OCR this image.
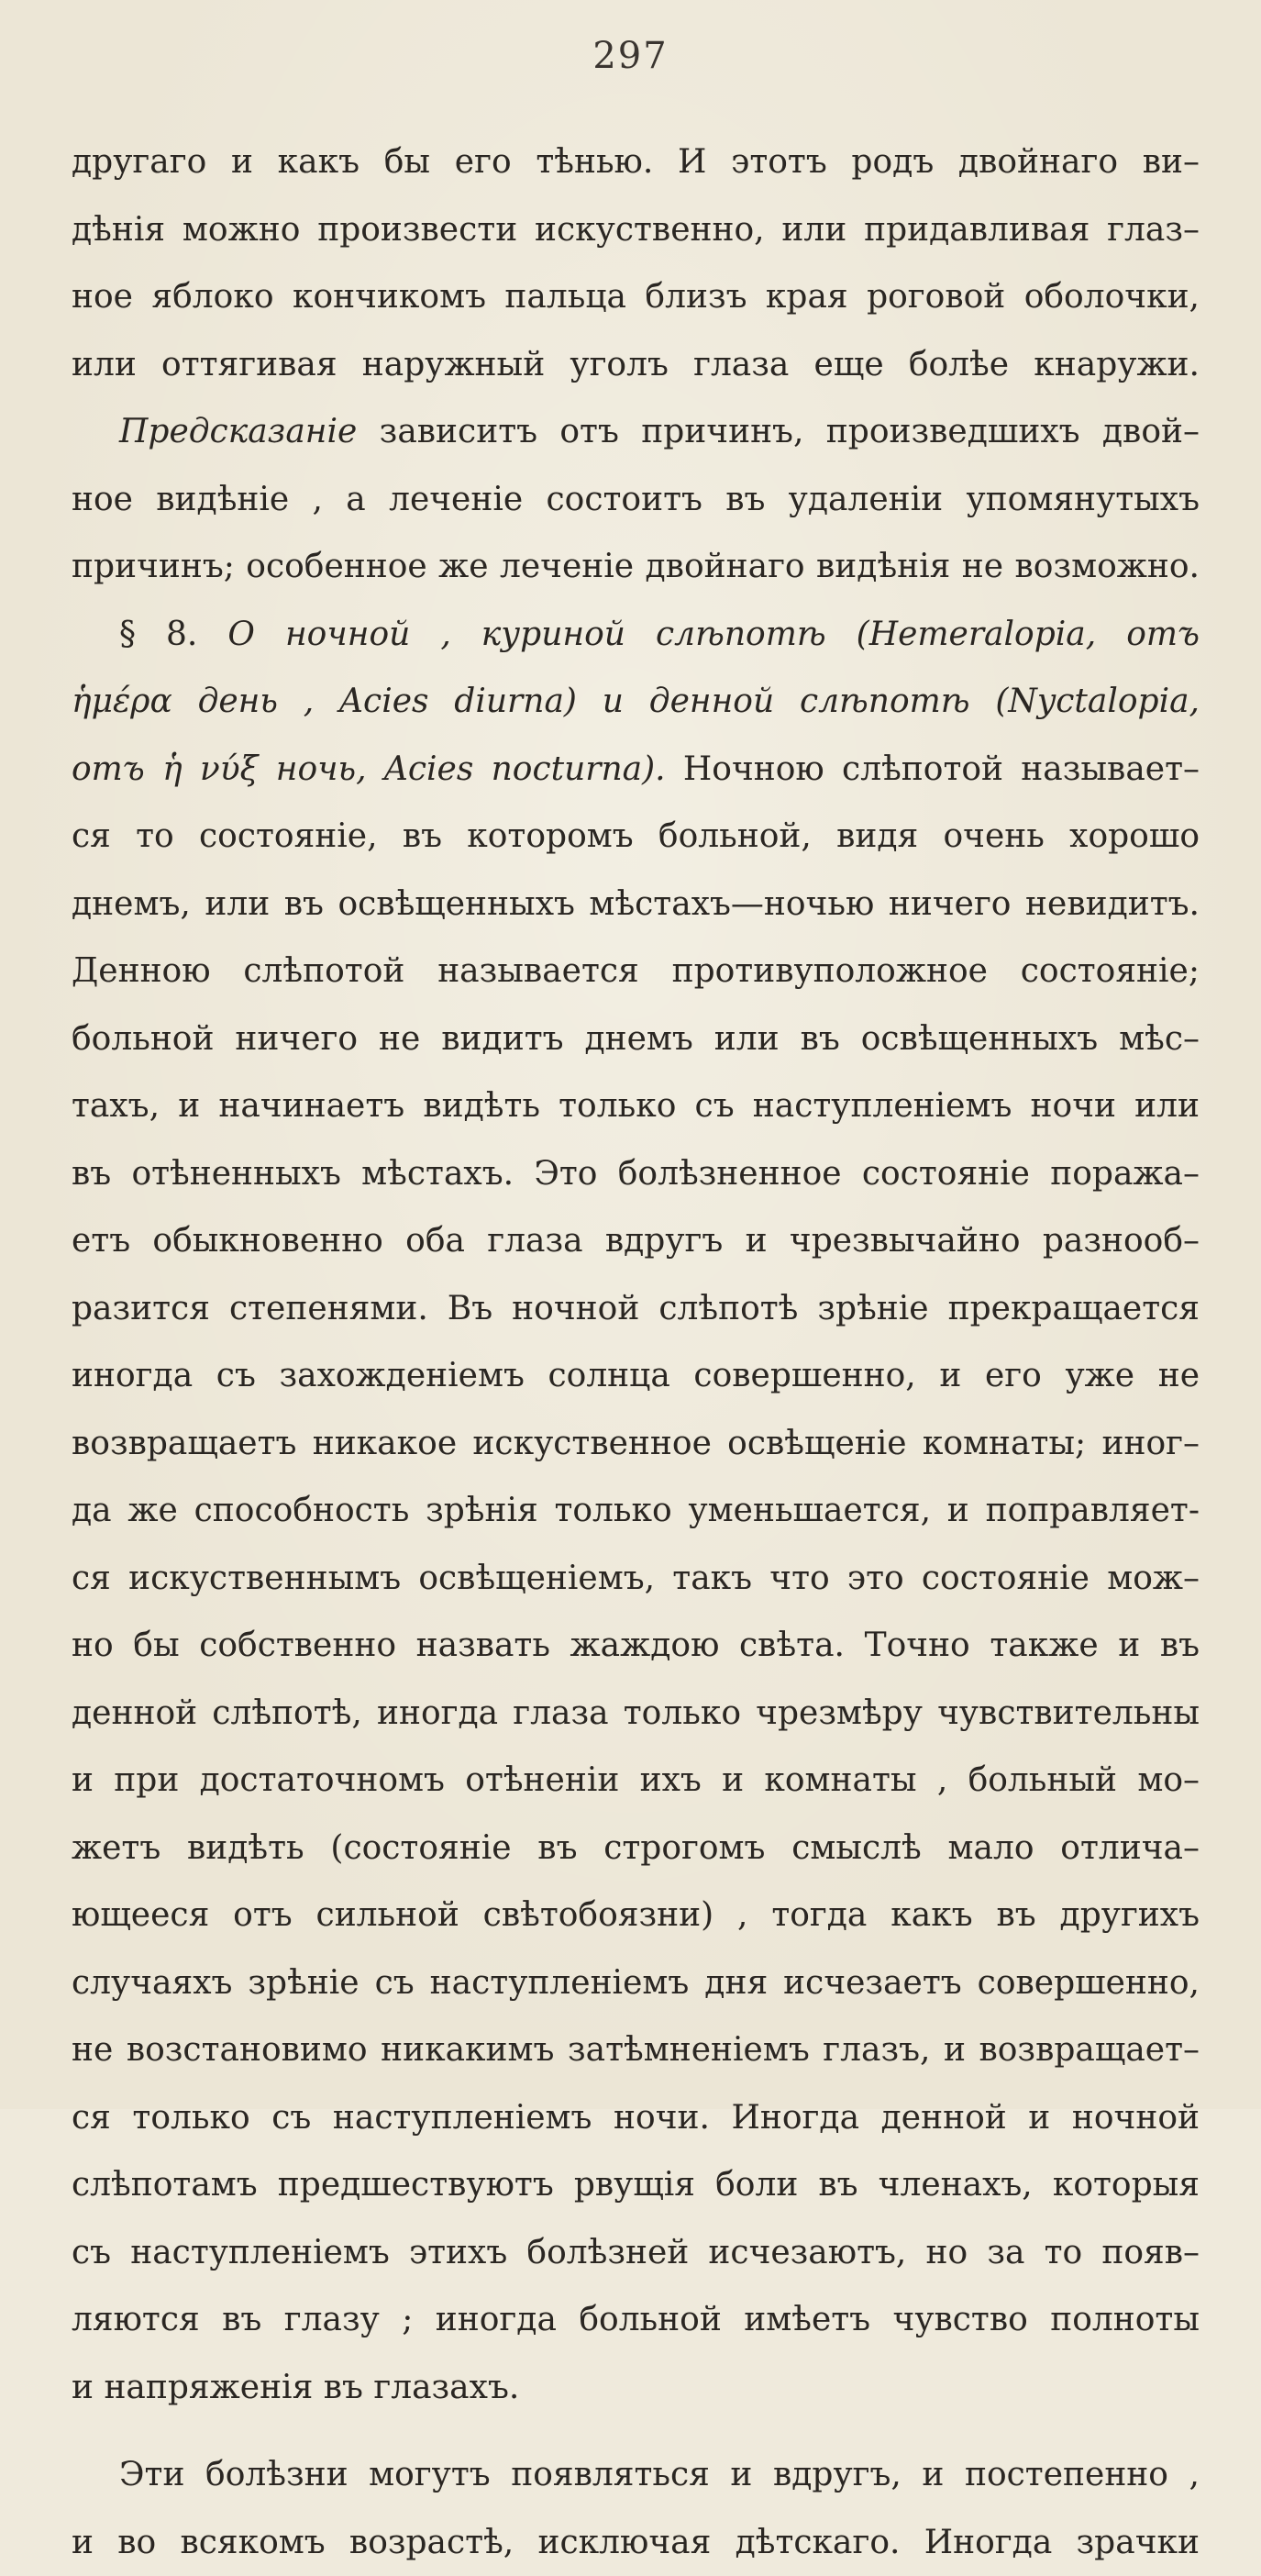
297
другаго и какъ бы его тѣнью. И этотъ родъ двойнаго ви–
дѣнія можно произвести искуственно, или придавливая глаз–
ное яблоко кончикомъ пальца близъ края роговой оболочки,
или оттягивая наружный уголъ глаза еще болѣе кнаружи.
Предсказаніе зависитъ отъ причинъ, произведшихъ двой–
ное видѣніе , а леченіе состоитъ въ удаленіи упомянутыхъ
причинъ; особенное же леченіе двойнаго видѣнія не возможно.
§ 8. О ночной , куриной слѣпотѣ (Hemeralopia, отъ
ἡμέρα день , Acies diurna) и денной слѣпотѣ (Nyctalopia,
отъ ἡ νύξ ночь, Acies nocturna). Ночною слѣпотой называет–
ся то состояніе, въ которомъ больной, видя очень хорошо
днемъ, или въ освѣщенныхъ мѣстахъ—ночью ничего невидитъ.
Денною слѣпотой называется противуположное состояніе;
больной ничего не видитъ днемъ или въ освѣщенныхъ мѣс–
тахъ, и начинаетъ видѣть только съ наступленіемъ ночи или
въ отѣненныхъ мѣстахъ. Это болѣзненное состояніе поража–
етъ обыкновенно оба глаза вдругъ и чрезвычайно разнооб–
разится степенями. Въ ночной слѣпотѣ зрѣніе прекращается
иногда съ захожденіемъ солнца совершенно, и его уже не
возвращаетъ никакое искуственное освѣщеніе комнаты; иног–
да же способность зрѣнія только уменьшается, и поправляет-
ся искуственнымъ освѣщеніемъ, такъ что это состояніе мож–
но бы собственно назвать жаждою свѣта. Точно также и въ
денной слѣпотѣ, иногда глаза только чрезмѣру чувствительны
и при достаточномъ отѣненіи ихъ и комнаты , больный мо–
жетъ видѣть (состояніе въ строгомъ смыслѣ мало отлича–
ющееся отъ сильной свѣтобоязни) , тогда какъ въ другихъ
случаяхъ зрѣніе съ наступленіемъ дня исчезаетъ совершенно,
не возстановимо никакимъ затѣмненіемъ глазъ, и возвращает–
ся только съ наступленіемъ ночи. Иногда денной и ночной
слѣпотамъ предшествуютъ рвущія боли въ членахъ, которыя
съ наступленіемъ этихъ болѣзней исчезаютъ, но за то появ–
ляются въ глазу ; иногда больной имѣетъ чувство полноты
и напряженія въ глазахъ.
Эти болѣзни могутъ появляться и вдругъ, и постепенно ,
и во всякомъ возрастѣ, исключая дѣтскаго. Иногда зрачки
